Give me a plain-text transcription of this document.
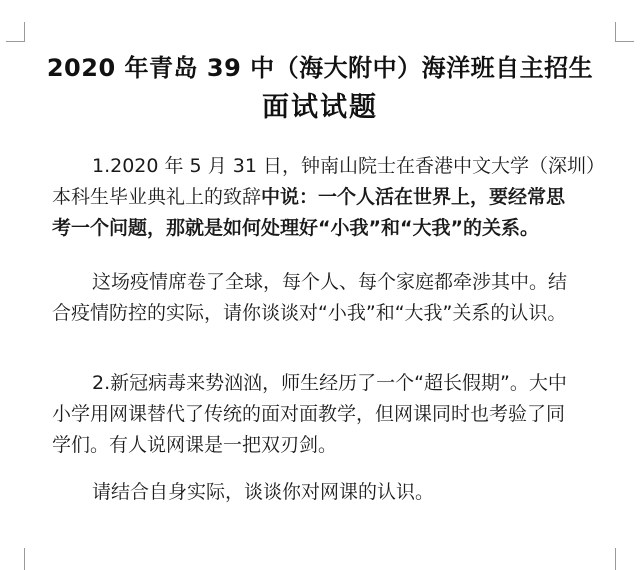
2020 年青岛 39 中（海大附中）海洋班自主招生
面试试题
1.2020 年 5 月 31 日，钟南山院士在香港中文大学（深圳）
本科生毕业典礼上的致辞中说：一个人活在世界上，要经常思
考一个问题，那就是如何处理好“小我”和“大我”的关系。
这场疫情席卷了全球，每个人、每个家庭都牵涉其中。结
合疫情防控的实际，请你谈谈对“小我”和“大我”关系的认识。
2.新冠病毒来势汹汹，师生经历了一个“超长假期”。大中
小学用网课替代了传统的面对面教学，但网课同时也考验了同
学们。有人说网课是一把双刃剑。
请结合自身实际，谈谈你对网课的认识。
